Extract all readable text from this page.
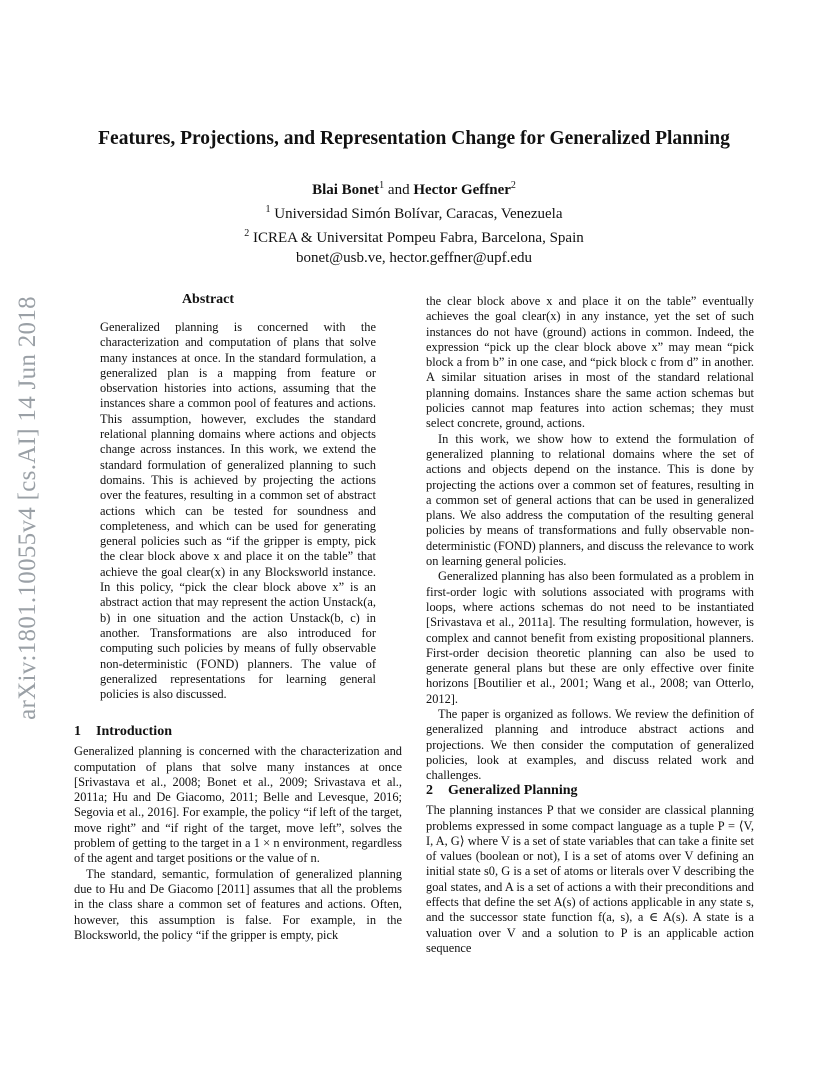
arXiv:1801.10055v4 [cs.AI] 14 Jun 2018
Features, Projections, and Representation Change for Generalized Planning
Blai Bonet$^1$ and Hector Geffner$^2$
$^1$ Universidad Simón Bolívar, Caracas, Venezuela
$^2$ ICREA & Universitat Pompeu Fabra, Barcelona, Spain
bonet@usb.ve, hector.geffner@upf.edu
Abstract

Generalized planning is concerned with the characterization and computation of plans that solve many instances at once. In the standard formulation, a generalized plan is a mapping from feature or observation histories into actions, assuming that the instances share a common pool of features and actions. This assumption, however, excludes the standard relational planning domains where actions and objects change across instances. In this work, we extend the standard formulation of generalized planning to such domains. This is achieved by projecting the actions over the features, resulting in a common set of abstract actions which can be tested for soundness and completeness, and which can be used for generating general policies such as “if the gripper is empty, pick the clear block above x and place it on the table” that achieve the goal clear(x) in any Blocksworld instance. In this policy, “pick the clear block above x” is an abstract action that may represent the action Unstack(a, b) in one situation and the action Unstack(b, c) in another. Transformations are also introduced for computing such policies by means of fully observable non-deterministic (FOND) planners. The value of generalized representations for learning general policies is also discussed.

1 Introduction

Generalized planning is concerned with the characterization and computation of plans that solve many instances at once [Srivastava et al., 2008; Bonet et al., 2009; Srivastava et al., 2011a; Hu and De Giacomo, 2011; Belle and Levesque, 2016; Segovia et al., 2016]. For example, the policy “if left of the target, move right” and “if right of the target, move left”, solves the problem of getting to the target in a 1 × n environment, regardless of the agent and target positions or the value of n.

The standard, semantic, formulation of generalized planning due to Hu and De Giacomo [2011] assumes that all the problems in the class share a common set of features and actions. Often, however, this assumption is false. For example, in the Blocksworld, the policy “if the gripper is empty, pick

the clear block above x and place it on the table” eventually achieves the goal clear(x) in any instance, yet the set of such instances do not have (ground) actions in common. Indeed, the expression “pick up the clear block above x” may mean “pick block a from b” in one case, and “pick block c from d” in another. A similar situation arises in most of the standard relational planning domains. Instances share the same action schemas but policies cannot map features into action schemas; they must select concrete, ground, actions.

In this work, we show how to extend the formulation of generalized planning to relational domains where the set of actions and objects depend on the instance. This is done by projecting the actions over a common set of features, resulting in a common set of general actions that can be used in generalized plans. We also address the computation of the resulting general policies by means of transformations and fully observable non-deterministic (FOND) planners, and discuss the relevance to work on learning general policies.

Generalized planning has also been formulated as a problem in first-order logic with solutions associated with programs with loops, where actions schemas do not need to be instantiated [Srivastava et al., 2011a]. The resulting formulation, however, is complex and cannot benefit from existing propositional planners. First-order decision theoretic planning can also be used to generate general plans but these are only effective over finite horizons [Boutilier et al., 2001; Wang et al., 2008; van Otterlo, 2012].

The paper is organized as follows. We review the definition of generalized planning and introduce abstract actions and projections. We then consider the computation of generalized policies, look at examples, and discuss related work and challenges.

2 Generalized Planning

The planning instances P that we consider are classical planning problems expressed in some compact language as a tuple P = ⟨V, I, A, G⟩ where V is a set of state variables that can take a finite set of values (boolean or not), I is a set of atoms over V defining an initial state s0, G is a set of atoms or literals over V describing the goal states, and A is a set of actions a with their preconditions and effects that define the set A(s) of actions applicable in any state s, and the successor state function f(a, s), a ∈ A(s). A state is a valuation over V and a solution to P is an applicable action sequence
